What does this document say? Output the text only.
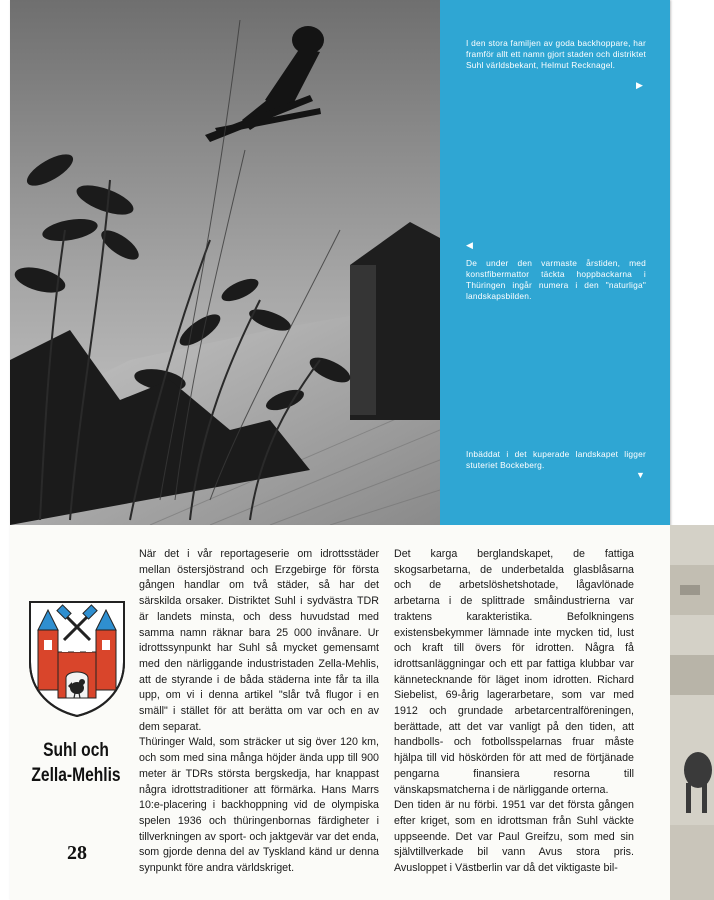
I den stora familjen av goda backhoppare, har framför allt ett namn gjort staden och distriktet Suhl världsbekant, Helmut Recknagel.
▶
◀
De under den varmaste årstiden, med konstfibermattor täckta hoppbackarna i Thüringen ingår numera i den "naturliga" landskapsbilden.
Inbäddat i det kuperade landskapet ligger stuteriet Bockeberg.
▼
Suhl och
Zella-Mehlis
28

När det i vår reportageserie om idrottsstäder mellan östersjöstrand och Erzgebirge för första gången handlar om två städer, så har det särskilda orsaker. Distriktet Suhl i sydvästra TDR är landets minsta, och dess huvudstad med samma namn räknar bara 25 000 invånare. Ur idrottssynpunkt har Suhl så mycket gemensamt med den närliggande industristaden Zella-Mehlis, att de styrande i de båda städerna inte får ta illa upp, om vi i denna artikel "slår två flugor i en smäll" i stället för att berätta om var och en av dem separat.

Thüringer Wald, som sträcker ut sig över 120 km, och som med sina många höjder ända upp till 900 meter är TDRs största bergskedja, har knappast några idrottstraditioner att förmärka. Hans Marrs 10:e-placering i backhoppning vid de olympiska spelen 1936 och thüringenbornas färdigheter i tillverkningen av sport- och jaktgevär var det enda, som gjorde denna del av Tyskland känd ur denna synpunkt före andra världskriget.

Det karga berglandskapet, de fattiga skogsarbetarna, de underbetalda glasblåsarna och de arbetslöshetshotade, lågavlönade arbetarna i de splittrade småindustrierna var traktens karakteristika. Befolkningens existensbekymmer lämnade inte mycken tid, lust och kraft till övers för idrotten. Några få idrottsanläggningar och ett par fattiga klubbar var kännetecknande för läget inom idrotten. Richard Siebelist, 69-årig lagerarbetare, som var med 1912 och grundade arbetarcentralföreningen, berättade, att det var vanligt på den tiden, att handbolls- och fotbollsspelarnas fruar måste hjälpa till vid höskörden för att med de förtjänade pengarna finansiera resorna till vänskapsmatcherna i de närliggande orterna.

Den tiden är nu förbi. 1951 var det första gången efter kriget, som en idrottsman från Suhl väckte uppseende. Det var Paul Greifzu, som med sin självtillverkade bil vann Avus stora pris. Avusloppet i Västberlin var då det viktigaste bil-
